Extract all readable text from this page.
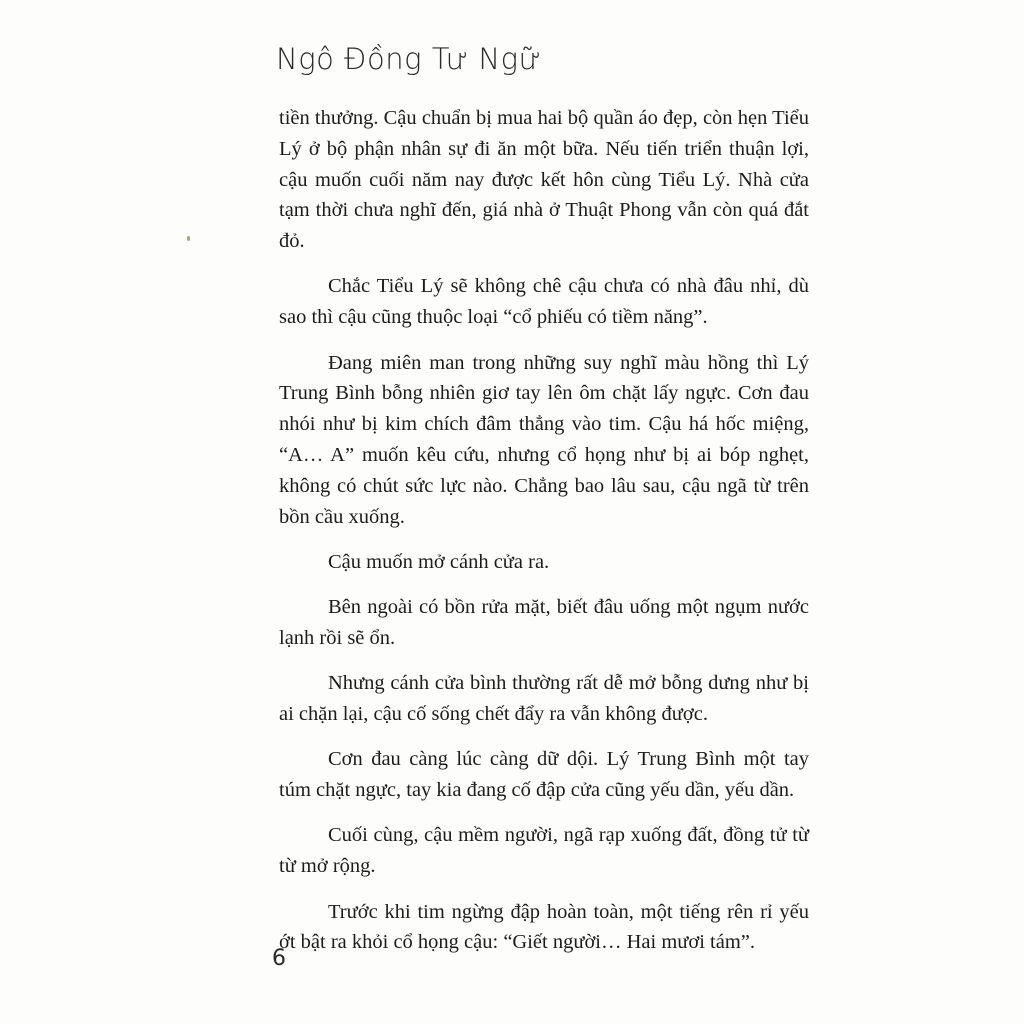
Ngô Đồng Tư Ngữ

tiền thưởng. Cậu chuẩn bị mua hai bộ quần áo đẹp, còn hẹn Tiểu Lý ở bộ phận nhân sự đi ăn một bữa. Nếu tiến triển thuận lợi, cậu muốn cuối năm nay được kết hôn cùng Tiểu Lý. Nhà cửa tạm thời chưa nghĩ đến, giá nhà ở Thuật Phong vẫn còn quá đắt đỏ.

Chắc Tiểu Lý sẽ không chê cậu chưa có nhà đâu nhỉ, dù sao thì cậu cũng thuộc loại “cổ phiếu có tiềm năng”.

Đang miên man trong những suy nghĩ màu hồng thì Lý Trung Bình bỗng nhiên giơ tay lên ôm chặt lấy ngực. Cơn đau nhói như bị kim chích đâm thẳng vào tim. Cậu há hốc miệng, “A… A” muốn kêu cứu, nhưng cổ họng như bị ai bóp nghẹt, không có chút sức lực nào. Chẳng bao lâu sau, cậu ngã từ trên bồn cầu xuống.

Cậu muốn mở cánh cửa ra.

Bên ngoài có bồn rửa mặt, biết đâu uống một ngụm nước lạnh rồi sẽ ổn.

Nhưng cánh cửa bình thường rất dễ mở bỗng dưng như bị ai chặn lại, cậu cố sống chết đẩy ra vẫn không được.

Cơn đau càng lúc càng dữ dội. Lý Trung Bình một tay túm chặt ngực, tay kia đang cố đập cửa cũng yếu dần, yếu dần.

Cuối cùng, cậu mềm người, ngã rạp xuống đất, đồng tử từ từ mở rộng.

Trước khi tim ngừng đập hoàn toàn, một tiếng rên rỉ yếu ớt bật ra khỏi cổ họng cậu: “Giết người… Hai mươi tám”.

6
